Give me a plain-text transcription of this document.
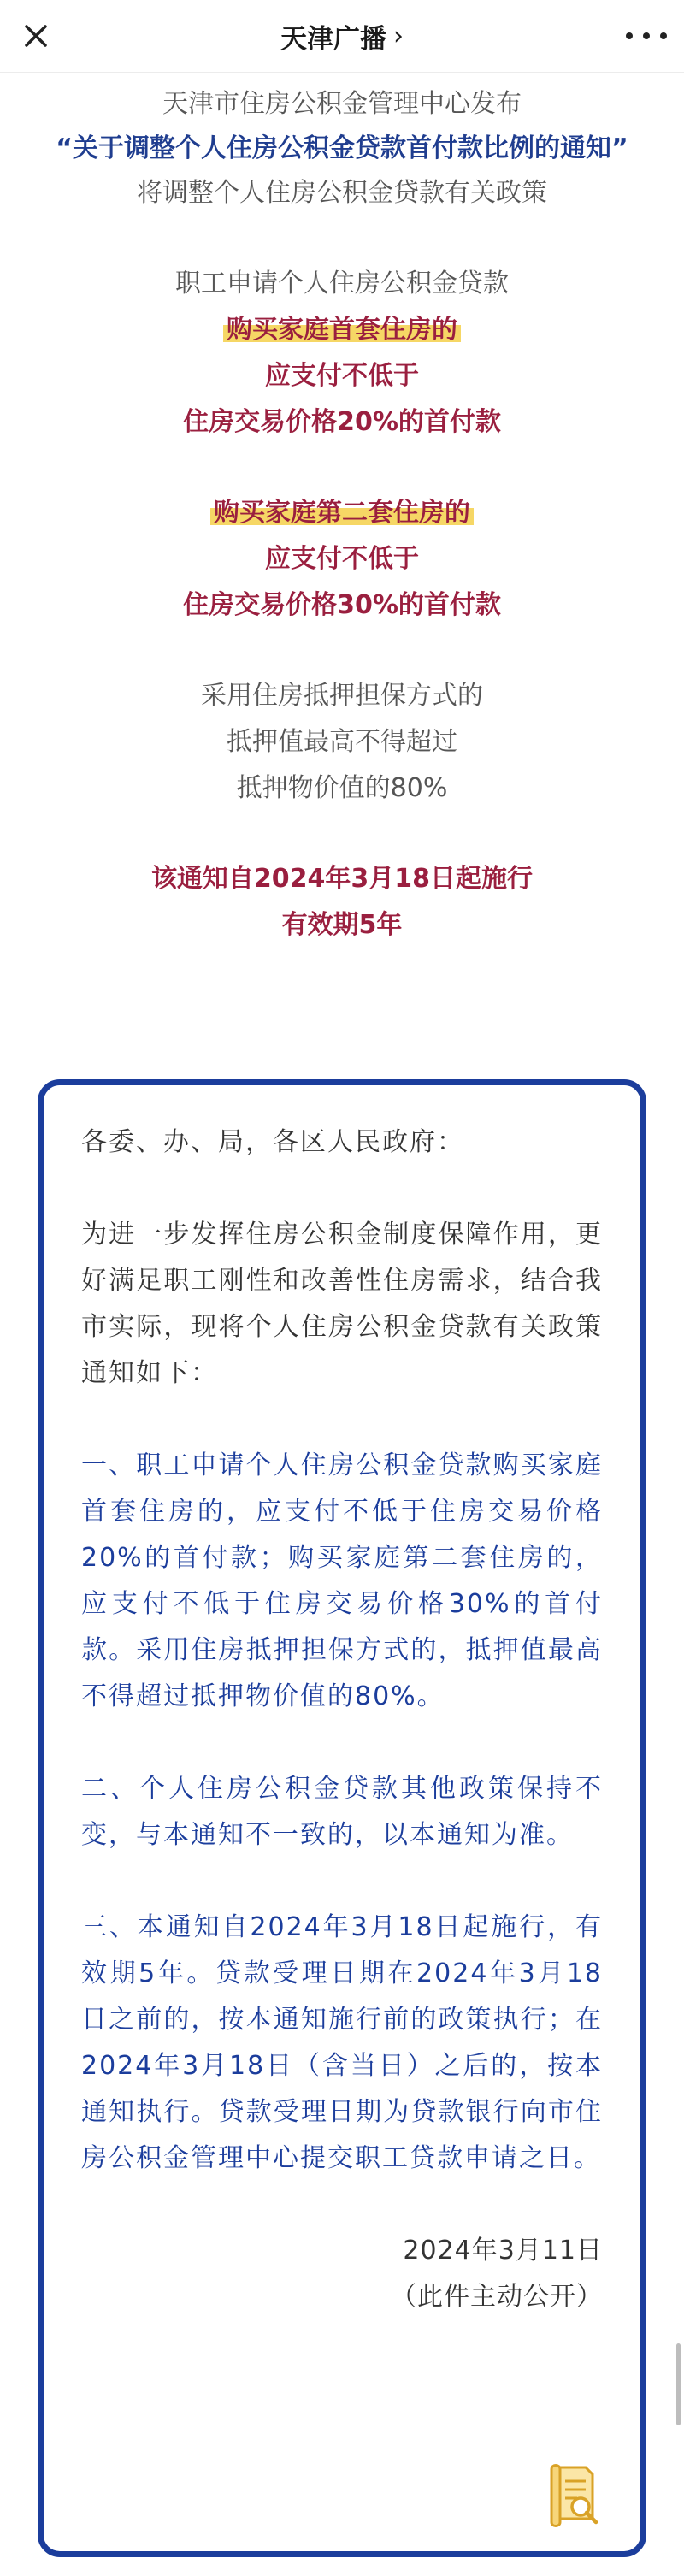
天津广播 ›

天津市住房公积金管理中心发布

“关于调整个人住房公积金贷款首付款比例的通知”

将调整个人住房公积金贷款有关政策

职工申请个人住房公积金贷款

购买家庭首套住房的

应支付不低于

住房交易价格20%的首付款

购买家庭第二套住房的

应支付不低于

住房交易价格30%的首付款

采用住房抵押担保方式的

抵押值最高不得超过

抵押物价值的80%

该通知自2024年3月18日起施行

有效期5年

各委、办、局，各区人民政府：

为进一步发挥住房公积金制度保障作用，更好满足职工刚性和改善性住房需求，结合我市实际，现将个人住房公积金贷款有关政策通知如下：

一、职工申请个人住房公积金贷款购买家庭首套住房的，应支付不低于住房交易价格20%的首付款；购买家庭第二套住房的，应支付不低于住房交易价格30%的首付款。采用住房抵押担保方式的，抵押值最高不得超过抵押物价值的80%。

二、个人住房公积金贷款其他政策保持不变，与本通知不一致的，以本通知为准。

三、本通知自2024年3月18日起施行，有效期5年。贷款受理日期在2024年3月18日之前的，按本通知施行前的政策执行；在2024年3月18日（含当日）之后的，按本通知执行。贷款受理日期为贷款银行向市住房公积金管理中心提交职工贷款申请之日。

2024年3月11日

（此件主动公开）
